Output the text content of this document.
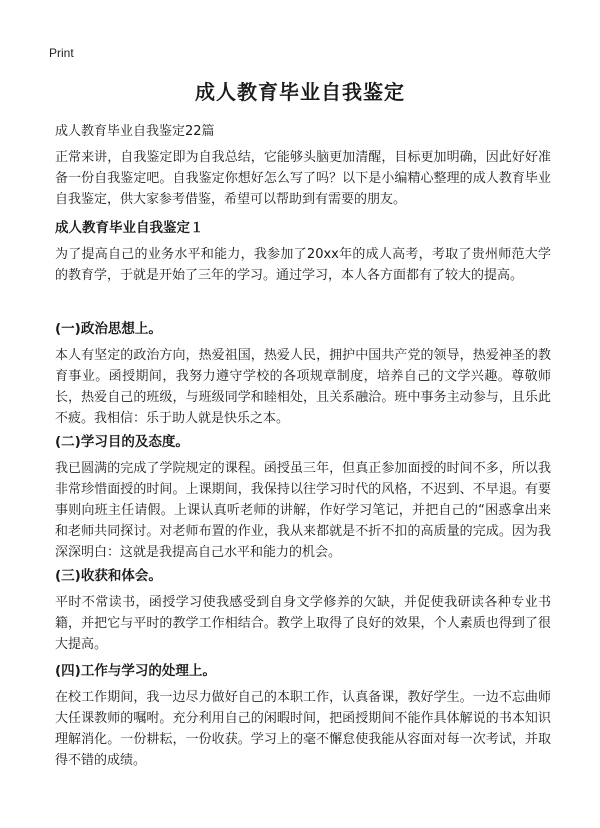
Print
成人教育毕业自我鉴定
成人教育毕业自我鉴定22篇

正常来讲，自我鉴定即为自我总结，它能够头脑更加清醒，目标更加明确，因此好好准备一份自我鉴定吧。自我鉴定你想好怎么写了吗？以下是小编精心整理的成人教育毕业自我鉴定，供大家参考借鉴，希望可以帮助到有需要的朋友。

成人教育毕业自我鉴定１

为了提高自己的业务水平和能力，我参加了20xx年的成人高考，考取了贵州师范大学的教育学，于就是开始了三年的学习。通过学习，本人各方面都有了较大的提高。

(一)政治思想上。

本人有坚定的政治方向，热爱祖国，热爱人民，拥护中国共产党的领导，热爱神圣的教育事业。函授期间，我努力遵守学校的各项规章制度，培养自己的文学兴趣。尊敬师长，热爱自己的班级，与班级同学和睦相处，且关系融洽。班中事务主动参与，且乐此不疲。我相信：乐于助人就是快乐之本。

(二)学习目的及态度。

我已圆满的完成了学院规定的课程。函授虽三年，但真正参加面授的时间不多，所以我非常珍惜面授的时间。上课期间，我保持以往学习时代的风格，不迟到、不早退。有要事则向班主任请假。上课认真听老师的讲解，作好学习笔记，并把自己的“困惑拿出来和老师共同探讨。对老师布置的作业，我从来都就是不折不扣的高质量的完成。因为我深深明白：这就是我提高自己水平和能力的机会。

(三)收获和体会。

平时不常读书，函授学习使我感受到自身文学修养的欠缺，并促使我研读各种专业书籍，并把它与平时的教学工作相结合。教学上取得了良好的效果，个人素质也得到了很大提高。

(四)工作与学习的处理上。

在校工作期间，我一边尽力做好自己的本职工作，认真备课，教好学生。一边不忘曲师大任课教师的嘱咐。充分利用自己的闲暇时间，把函授期间不能作具体解说的书本知识理解消化。一份耕耘，一份收获。学习上的毫不懈怠使我能从容面对每一次考试，并取得不错的成绩。
